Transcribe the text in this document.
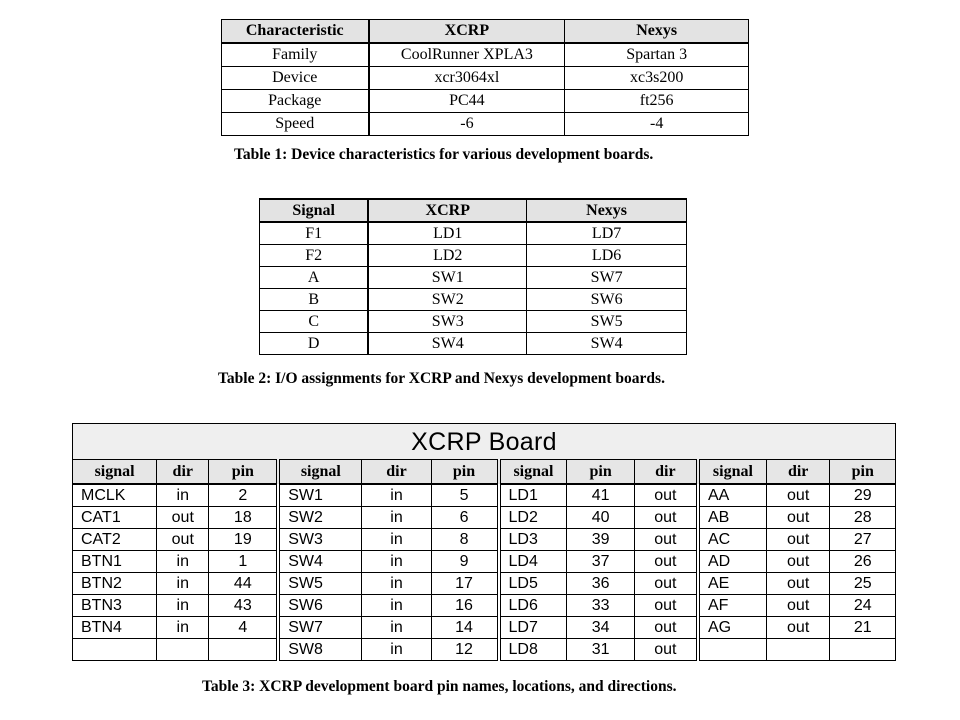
Characteristic	XCRP	Nexys
Family	CoolRunner XPLA3	Spartan 3
Device	xcr3064xl	xc3s200
Package	PC44	ft256
Speed	-6	-4
Table 1: Device characteristics for various development boards.
Signal	XCRP	Nexys
F1	LD1	LD7
F2	LD2	LD6
A	SW1	SW7
B	SW2	SW6
C	SW3	SW5
D	SW4	SW4
Table 2: I/O assignments for XCRP and Nexys development boards.
XCRP Board											
signal	dir	pin	signal	dir	pin	signal	pin	dir	signal	dir	pin
MCLK	in	2	SW1	in	5	LD1	41	out	AA	out	29
CAT1	out	18	SW2	in	6	LD2	40	out	AB	out	28
CAT2	out	19	SW3	in	8	LD3	39	out	AC	out	27
BTN1	in	1	SW4	in	9	LD4	37	out	AD	out	26
BTN2	in	44	SW5	in	17	LD5	36	out	AE	out	25
BTN3	in	43	SW6	in	16	LD6	33	out	AF	out	24
BTN4	in	4	SW7	in	14	LD7	34	out	AG	out	21
			SW8	in	12	LD8	31	out			
Table 3: XCRP development board pin names, locations, and directions.
